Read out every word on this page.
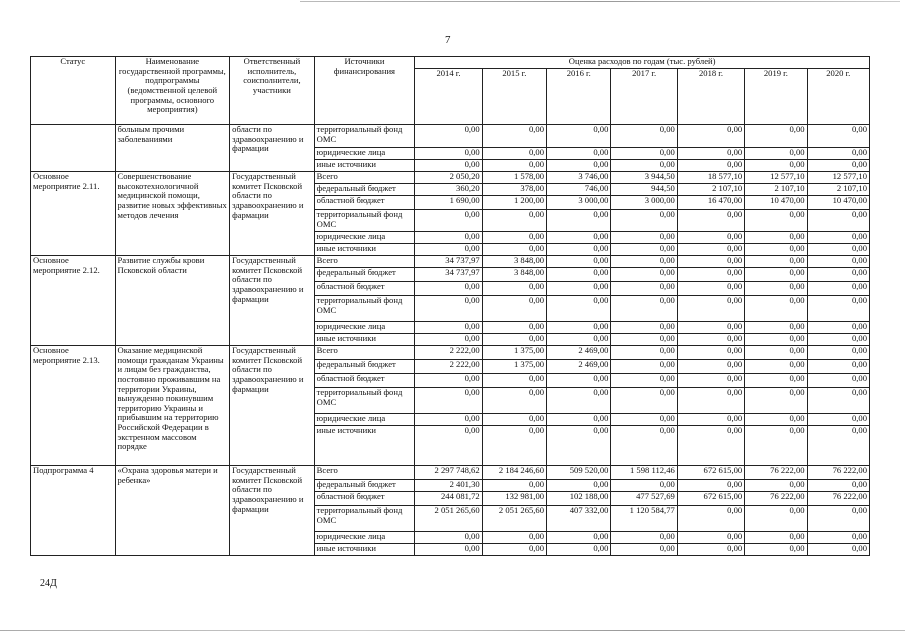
7
Статус	Наименование государственной программы, подпрограммы (ведомственной целевой программы, основного мероприятия)	Ответственный исполнитель, соисполнители, участники	Источники финансирования	Оценка расходов по годам (тыс. рублей)						
				2014 г.	2015 г.	2016 г.	2017 г.	2018 г.	2019 г.	2020 г.
	больным прочими заболеваниями	области по здравоохранению и фармации	территориальный фонд ОМС	0,00	0,00	0,00	0,00	0,00	0,00	0,00
			юридические лица	0,00	0,00	0,00	0,00	0,00	0,00	0,00
			иные источники	0,00	0,00	0,00	0,00	0,00	0,00	0,00
Основное мероприятие 2.11.	Совершенствование высокотехнологичной медицинской помощи, развитие новых эффективных методов лечения	Государственный комитет Псковской области по здравоохранению и фармации	Всего	2 050,20	1 578,00	3 746,00	3 944,50	18 577,10	12 577,10	12 577,10
			федеральный бюджет	360,20	378,00	746,00	944,50	2 107,10	2 107,10	2 107,10
			областной бюджет	1 690,00	1 200,00	3 000,00	3 000,00	16 470,00	10 470,00	10 470,00
			территориальный фонд ОМС	0,00	0,00	0,00	0,00	0,00	0,00	0,00
			юридические лица	0,00	0,00	0,00	0,00	0,00	0,00	0,00
			иные источники	0,00	0,00	0,00	0,00	0,00	0,00	0,00
Основное мероприятие 2.12.	Развитие службы крови Псковской области	Государственный комитет Псковской области по здравоохранению и фармации	Всего	34 737,97	3 848,00	0,00	0,00	0,00	0,00	0,00
			федеральный бюджет	34 737,97	3 848,00	0,00	0,00	0,00	0,00	0,00
			областной бюджет	0,00	0,00	0,00	0,00	0,00	0,00	0,00
			территориальный фонд ОМС	0,00	0,00	0,00	0,00	0,00	0,00	0,00
			юридические лица	0,00	0,00	0,00	0,00	0,00	0,00	0,00
			иные источники	0,00	0,00	0,00	0,00	0,00	0,00	0,00
Основное мероприятие 2.13.	Оказание медицинской помощи гражданам Украины и лицам без гражданства, постоянно проживавшим на территории Украины, вынужденно покинувшим территорию Украины и прибывшим на территорию Российской Федерации в экстренном массовом порядке	Государственный комитет Псковской области по здравоохранению и фармации	Всего	2 222,00	1 375,00	2 469,00	0,00	0,00	0,00	0,00
			федеральный бюджет	2 222,00	1 375,00	2 469,00	0,00	0,00	0,00	0,00
			областной бюджет	0,00	0,00	0,00	0,00	0,00	0,00	0,00
			территориальный фонд ОМС	0,00	0,00	0,00	0,00	0,00	0,00	0,00
			юридические лица	0,00	0,00	0,00	0,00	0,00	0,00	0,00
			иные источники	0,00	0,00	0,00	0,00	0,00	0,00	0,00
Подпрограмма 4	«Охрана здоровья матери и ребенка»	Государственный комитет Псковской области по здравоохранению и фармации	Всего	2 297 748,62	2 184 246,60	509 520,00	1 598 112,46	672 615,00	76 222,00	76 222,00
			федеральный бюджет	2 401,30	0,00	0,00	0,00	0,00	0,00	0,00
			областной бюджет	244 081,72	132 981,00	102 188,00	477 527,69	672 615,00	76 222,00	76 222,00
			территориальный фонд ОМС	2 051 265,60	2 051 265,60	407 332,00	1 120 584,77	0,00	0,00	0,00
			юридические лица	0,00	0,00	0,00	0,00	0,00	0,00	0,00
			иные источники	0,00	0,00	0,00	0,00	0,00	0,00	0,00
24Д
